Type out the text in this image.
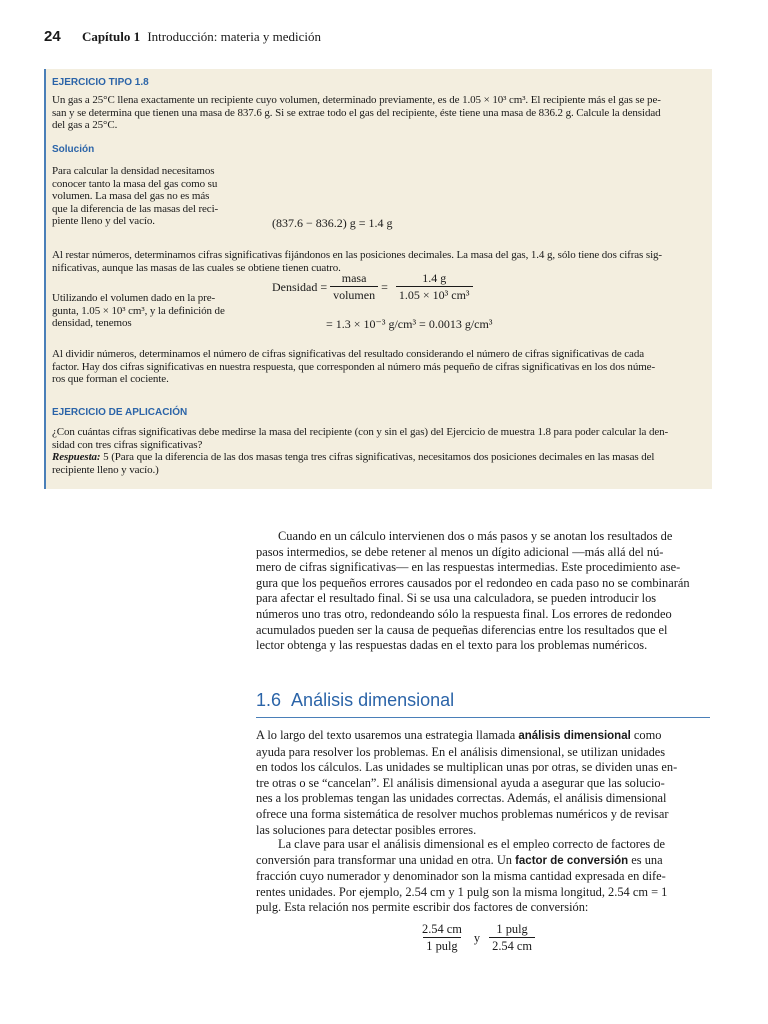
24 Capítulo 1 Introducción: materia y medición
EJERCICIO TIPO 1.8
Un gas a 25°C llena exactamente un recipiente cuyo volumen, determinado previamente, es de 1.05 × 10³ cm³. El recipiente más el gas se pe-
san y se determina que tienen una masa de 837.6 g. Si se extrae todo el gas del recipiente, éste tiene una masa de 836.2 g. Calcule la densidad
del gas a 25°C.
Solución
Para calcular la densidad necesitamos
conocer tanto la masa del gas como su
volumen. La masa del gas no es más
que la diferencia de las masas del reci-
piente lleno y del vacío.	(837.6 − 836.2) g = 1.4 g
Al restar números, determinamos cifras significativas fijándonos en las posiciones decimales. La masa del gas, 1.4 g, sólo tiene dos cifras sig-
nificativas, aunque las masas de las cuales se obtiene tienen cuatro.
Utilizando el volumen dado en la pre-
gunta, 1.05 × 10³ cm³, y la definición de
densidad, tenemos
Densidad = $\frac{\text{masa}}{\text{volumen}} = \frac{1.4 g}{\text{1.05 × 10³ cm³}}$
= 1.3 × 10⁻³ g/cm³ = 0.0013 g/cm³
Al dividir números, determinamos el número de cifras significativas del resultado considerando el número de cifras significativas de cada
factor. Hay dos cifras significativas en nuestra respuesta, que corresponden al número más pequeño de cifras significativas en los dos núme-
ros que forman el cociente.
EJERCICIO DE APLICACIÓN
¿Con cuántas cifras significativas debe medirse la masa del recipiente (con y sin el gas) del Ejercicio de muestra 1.8 para poder calcular la den-
sidad con tres cifras significativas?
Respuesta: 5 (Para que la diferencia de las dos masas tenga tres cifras significativas, necesitamos dos posiciones decimales en las masas del
recipiente lleno y vacío.)
Cuando en un cálculo intervienen dos o más pasos y se anotan los resultados de
pasos intermedios, se debe retener al menos un dígito adicional —más allá del nú-
mero de cifras significativas— en las respuestas intermedias. Este procedimiento ase-
gura que los pequeños errores causados por el redondeo en cada paso no se combinarán
para afectar el resultado final. Si se usa una calculadora, se pueden introducir los
números uno tras otro, redondeando sólo la respuesta final. Los errores de redondeo
acumulados pueden ser la causa de pequeñas diferencias entre los resultados que el
lector obtenga y las respuestas dadas en el texto para los problemas numéricos.
1.6 Análisis dimensional
A lo largo del texto usaremos una estrategia llamada análisis dimensional como
ayuda para resolver los problemas. En el análisis dimensional, se utilizan unidades
en todos los cálculos. Las unidades se multiplican unas por otras, se dividen unas en-
tre otras o se “cancelan”. El análisis dimensional ayuda a asegurar que las solucio-
nes a los problemas tengan las unidades correctas. Además, el análisis dimensional
ofrece una forma sistemática de resolver muchos problemas numéricos y de revisar
las soluciones para detectar posibles errores.
La clave para usar el análisis dimensional es el empleo correcto de factores de
conversión para transformar una unidad en otra. Un factor de conversión es una
fracción cuyo numerador y denominador son la misma cantidad expresada en dife-
rentes unidades. Por ejemplo, 2.54 cm y 1 pulg son la misma longitud, 2.54 cm = 1
pulg. Esta relación nos permite escribir dos factores de conversión:
$\frac{2.54 cm}{1 pulg}$ y $\frac{1 pulg}{2.54 cm}$
